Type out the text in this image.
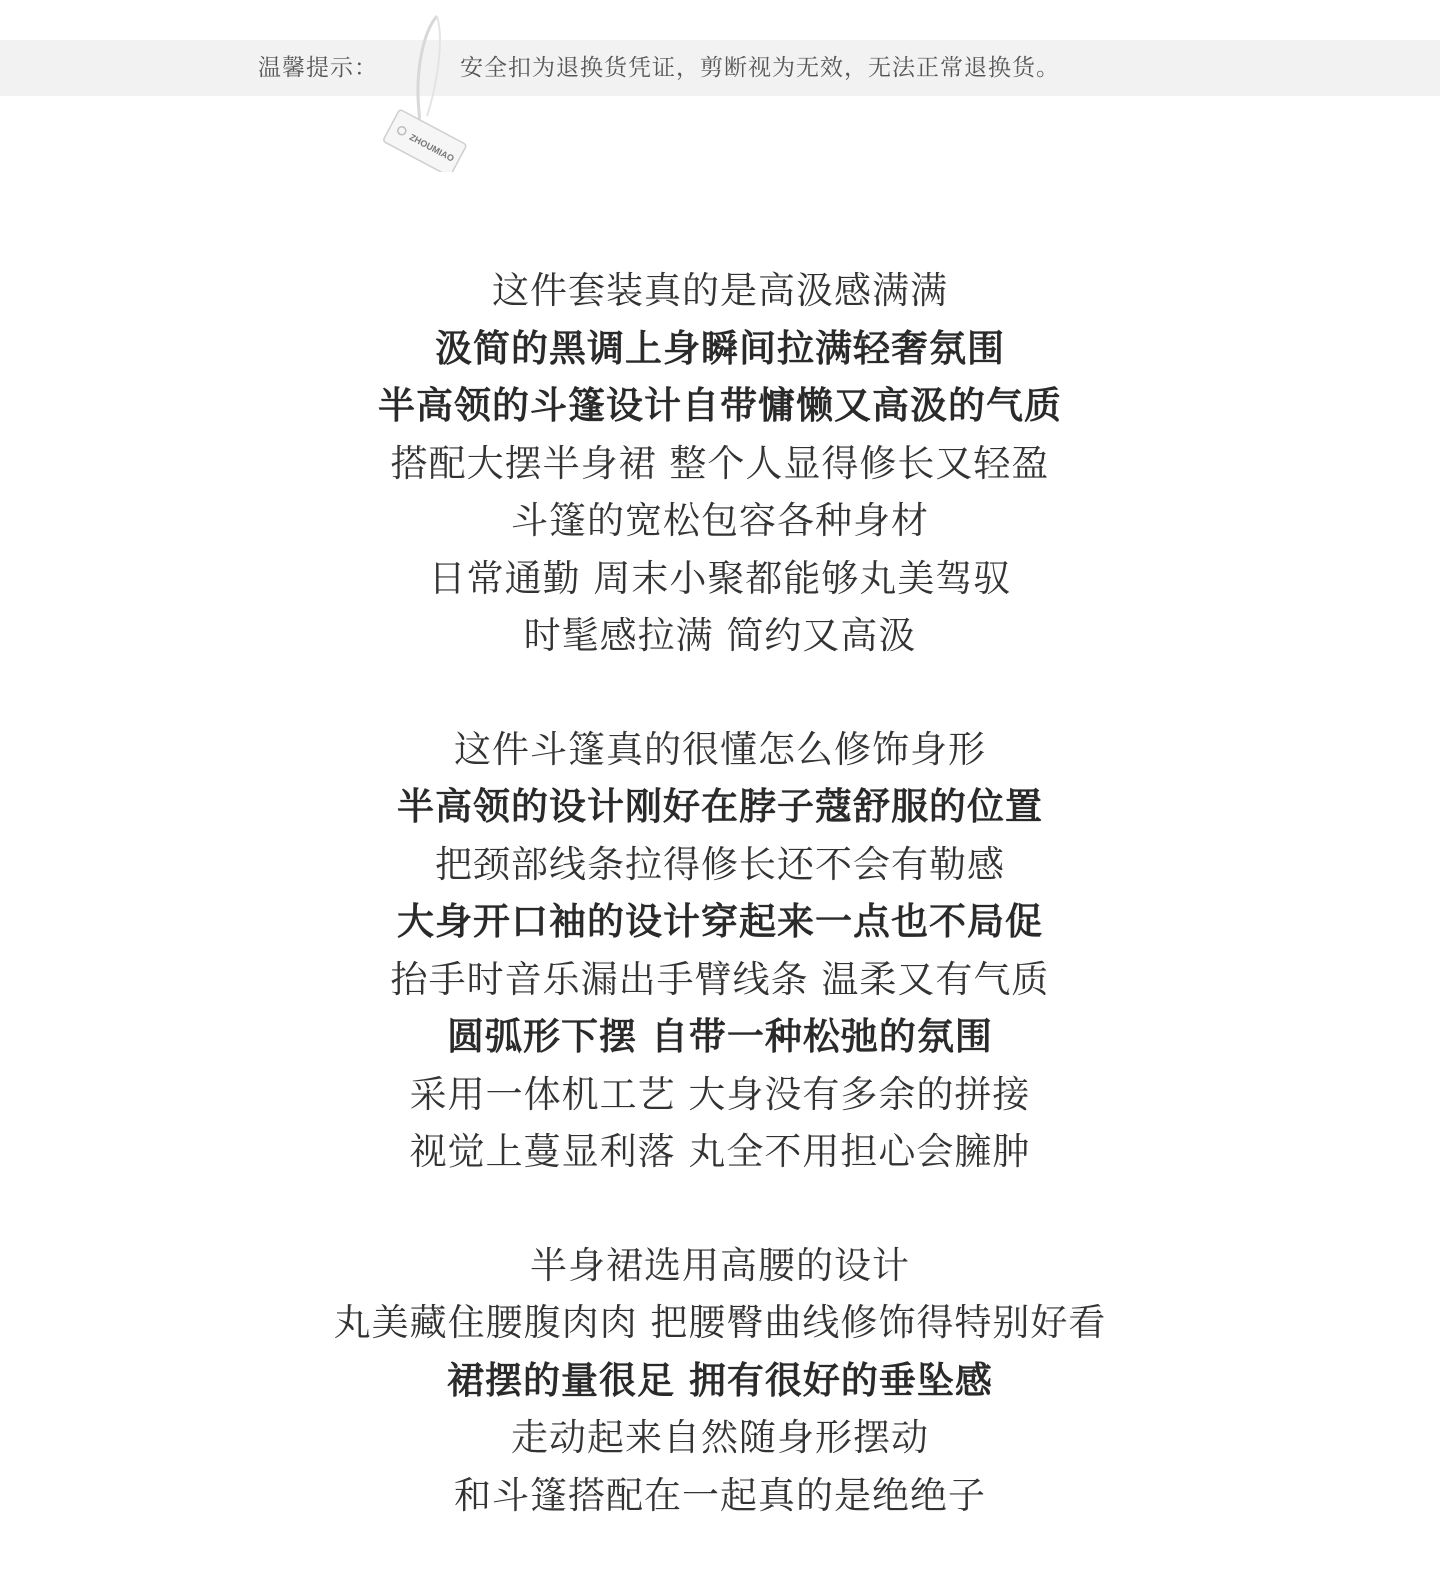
ZHOUMIAO
温馨提示：	安全扣为退换货凭证，剪断视为无效，无法正常退换货。
这件套装真的是高汲感满满
汲简的黑调上身瞬间拉满轻奢氛围
半高领的斗篷设计自带慵懒又高汲的气质
搭配大摆半身裙 整个人显得修长又轻盈
斗篷的宽松包容各种身材
日常通勤 周末小聚都能够丸美驾驭
时髦感拉满 简约又高汲
这件斗篷真的很懂怎么修饰身形
半高领的设计刚好在脖子蔻舒服的位置
把颈部线条拉得修长还不会有勒感
大身开口袖的设计穿起来一点也不局促
抬手时音乐漏出手臂线条 温柔又有气质
圆弧形下摆 自带一种松弛的氛围
采用一体机工艺 大身没有多余的拼接
视觉上蔓显利落 丸全不用担心会臃肿
半身裙选用高腰的设计
丸美藏住腰腹肉肉 把腰臀曲线修饰得特别好看
裙摆的量很足 拥有很好的垂坠感
走动起来自然随身形摆动
和斗篷搭配在一起真的是绝绝子
